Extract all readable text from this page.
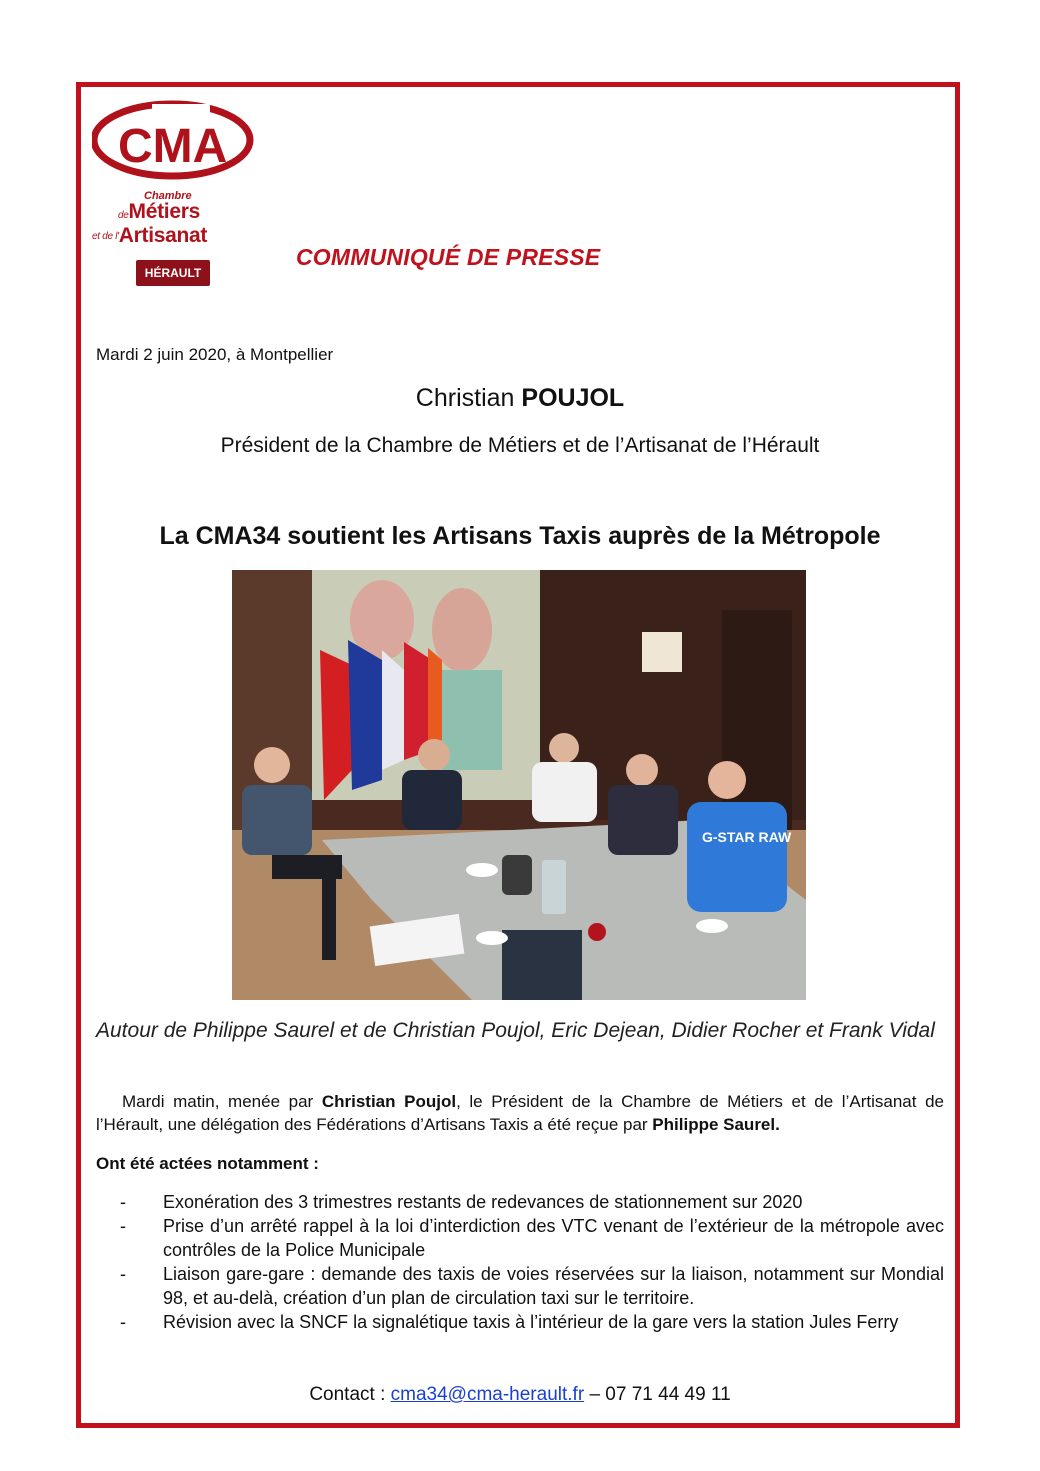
CMA
Chambre
deMétiers
et de l'Artisanat
HÉRAULT
COMMUNIQUÉ DE PRESSE
Mardi 2 juin 2020, à Montpellier
Christian POUJOL
Président de la Chambre de Métiers et de l’Artisanat de l’Hérault
La CMA34 soutient les Artisans Taxis auprès de la Métropole
G-STAR RAW
Autour de Philippe Saurel et de Christian Poujol, Eric Dejean, Didier Rocher et Frank Vidal
Mardi matin, menée par Christian Poujol, le Président de la Chambre de Métiers et de l’Artisanat de l’Hérault, une délégation des Fédérations d’Artisans Taxis a été reçue par Philippe Saurel.
Ont été actées notamment :
- Exonération des 3 trimestres restants de redevances de stationnement sur 2020
- Prise d’un arrêté rappel à la loi d’interdiction des VTC venant de l’extérieur de la métropole avec contrôles de la Police Municipale
- Liaison gare-gare : demande des taxis de voies réservées sur la liaison, notamment sur Mondial 98, et au-delà, création d’un plan de circulation taxi sur le territoire.
- Révision avec la SNCF la signalétique taxis à l’intérieur de la gare vers la station Jules Ferry
Contact : cma34@cma-herault.fr – 07 71 44 49 11
